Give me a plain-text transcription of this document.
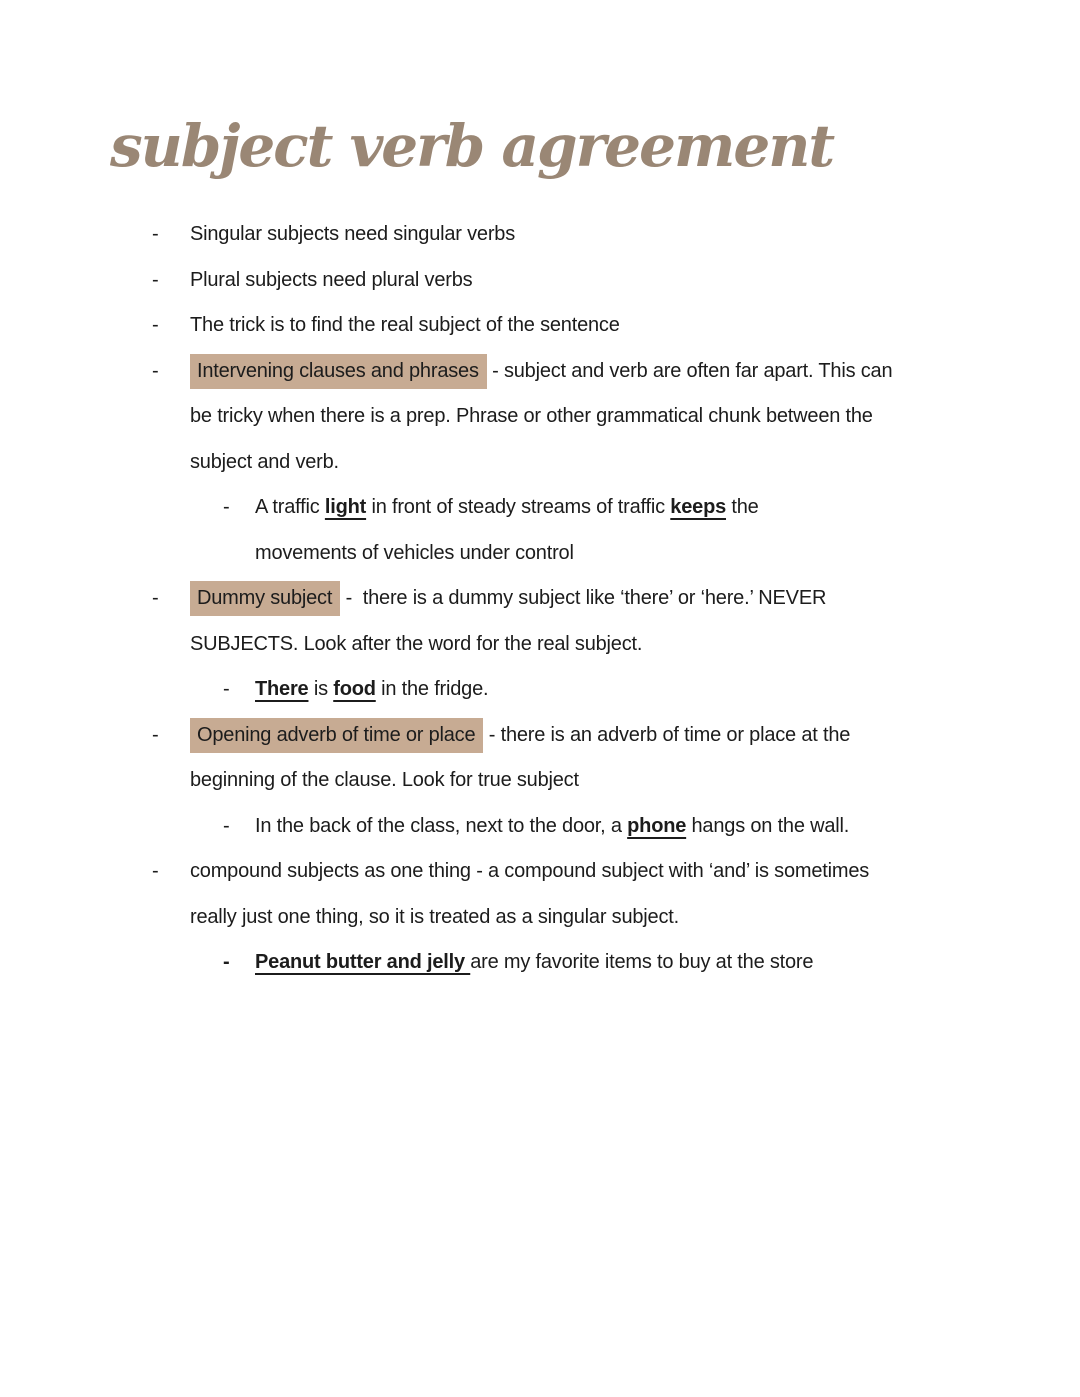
subject verb agreement
-	Singular subjects need singular verbs
-	Plural subjects need plural verbs
-	The trick is to find the real subject of the sentence
-	Intervening clauses and phrases - subject and verb are often far apart. This can
be tricky when there is a prep. Phrase or other grammatical chunk between the
subject and verb.
-	A traffic light in front of steady streams of traffic keeps the
movements of vehicles under control
-	Dummy subject -  there is a dummy subject like ‘there’ or ‘here.’ NEVER
SUBJECTS. Look after the word for the real subject.
-	There is food in the fridge.
-	Opening adverb of time or place - there is an adverb of time or place at the
beginning of the clause. Look for true subject
-	In the back of the class, next to the door, a phone hangs on the wall.
-	compound subjects as one thing - a compound subject with ‘and’ is sometimes
really just one thing, so it is treated as a singular subject.
-	Peanut butter and jelly are my favorite items to buy at the store
